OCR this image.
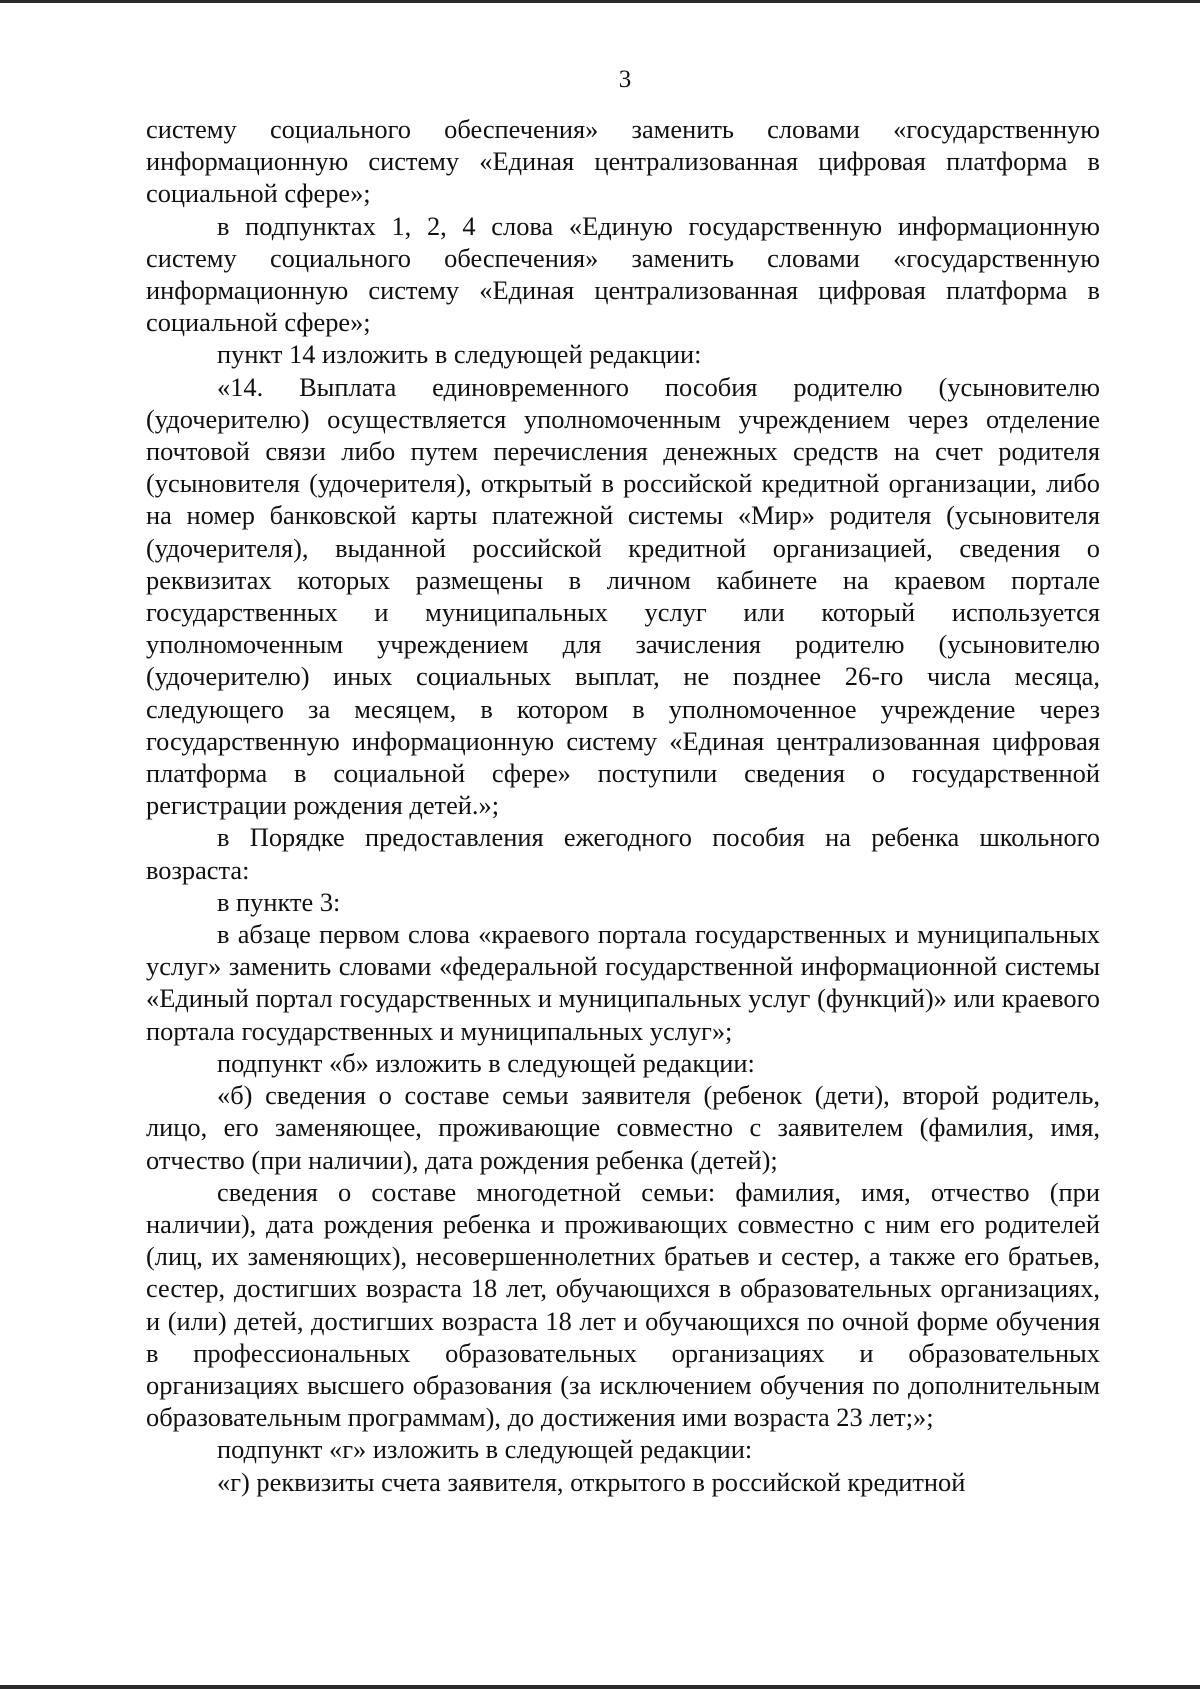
3

систему социального обеспечения» заменить словами «государственную информационную систему «Единая централизованная цифровая платформа в социальной сфере»;

в подпунктах 1, 2, 4 слова «Единую государственную информационную систему социального обеспечения» заменить словами «государственную информационную систему «Единая централизованная цифровая платформа в социальной сфере»;

пункт 14 изложить в следующей редакции:

«14. Выплата единовременного пособия родителю (усыновителю (удочерителю) осуществляется уполномоченным учреждением через отделение почтовой связи либо путем перечисления денежных средств на счет родителя (усыновителя (удочерителя), открытый в российской кредитной организации, либо на номер банковской карты платежной системы «Мир» родителя (усыновителя (удочерителя), выданной российской кредитной организацией, сведения о реквизитах которых размещены в личном кабинете на краевом портале государственных и муниципальных услуг или который используется уполномоченным учреждением для зачисления родителю (усыновителю (удочерителю) иных социальных выплат, не позднее 26-го числа месяца, следующего за месяцем, в котором в уполномоченное учреждение через государственную информационную систему «Единая централизованная цифровая платформа в социальной сфере» поступили сведения о государственной регистрации рождения детей.»;

в Порядке предоставления ежегодного пособия на ребенка школьного возраста:

в пункте 3:

в абзаце первом слова «краевого портала государственных и муниципальных услуг» заменить словами «федеральной государственной информационной системы «Единый портал государственных и муниципальных услуг (функций)» или краевого портала государственных и муниципальных услуг»;

подпункт «б» изложить в следующей редакции:

«б) сведения о составе семьи заявителя (ребенок (дети), второй родитель, лицо, его заменяющее, проживающие совместно с заявителем (фамилия, имя, отчество (при наличии), дата рождения ребенка (детей);

сведения о составе многодетной семьи: фамилия, имя, отчество (при наличии), дата рождения ребенка и проживающих совместно с ним его родителей (лиц, их заменяющих), несовершеннолетних братьев и сестер, а также его братьев, сестер, достигших возраста 18 лет, обучающихся в образовательных организациях, и (или) детей, достигших возраста 18 лет и обучающихся по очной форме обучения в профессиональных образовательных организациях и образовательных организациях высшего образования (за исключением обучения по дополнительным образовательным программам), до достижения ими возраста 23 лет;»;

подпункт «г» изложить в следующей редакции:

«г) реквизиты счета заявителя, открытого в российской кредитной
